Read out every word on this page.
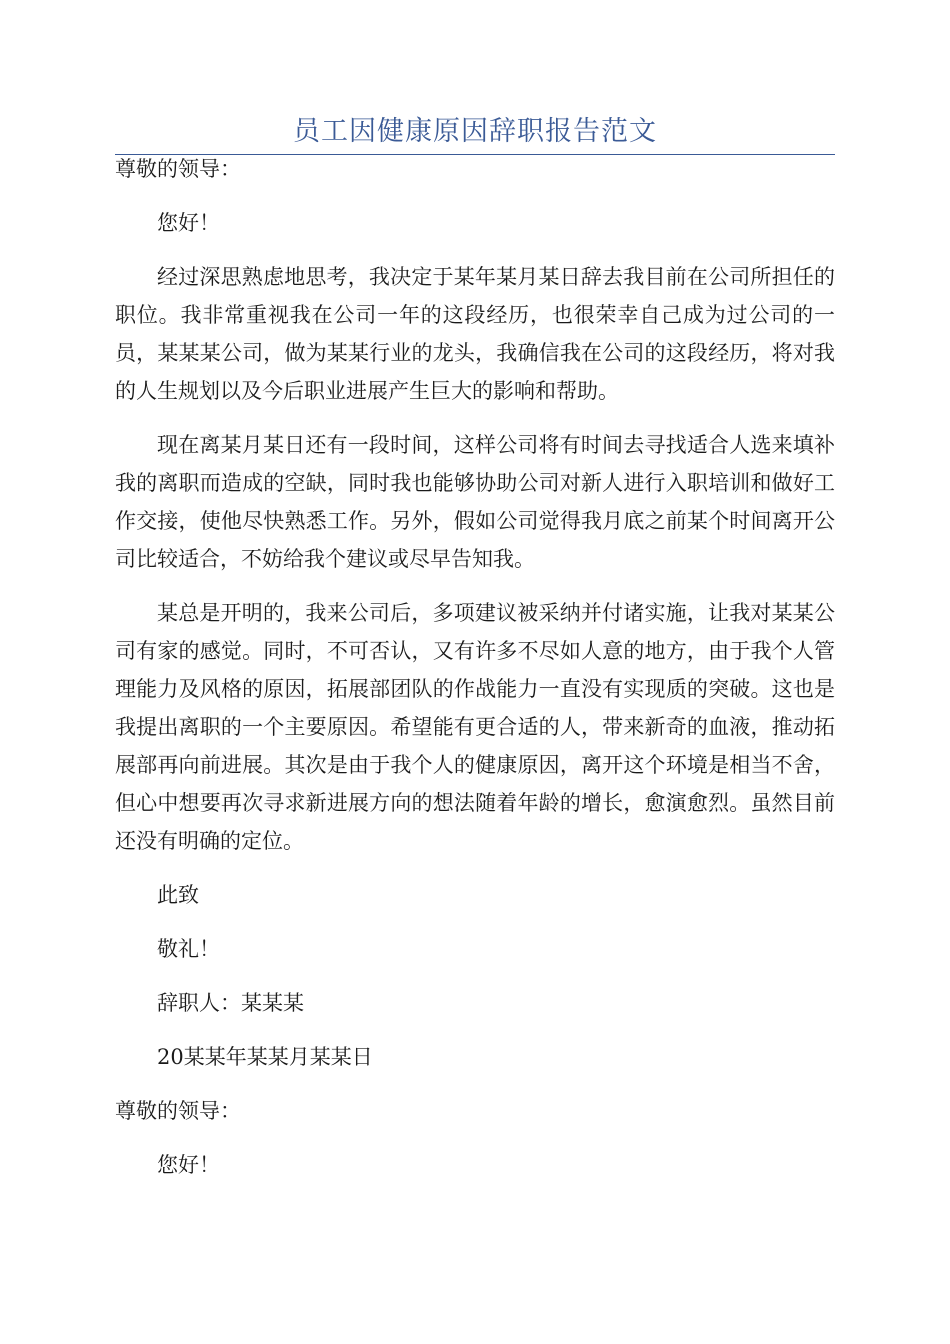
员工因健康原因辞职报告范文

尊敬的领导：

您好！

经过深思熟虑地思考，我决定于某年某月某日辞去我目前在公司所担任的职位。我非常重视我在公司一年的这段经历，也很荣幸自己成为过公司的一员，某某某公司，做为某某行业的龙头，我确信我在公司的这段经历，将对我的人生规划以及今后职业进展产生巨大的影响和帮助。

现在离某月某日还有一段时间，这样公司将有时间去寻找适合人选来填补我的离职而造成的空缺，同时我也能够协助公司对新人进行入职培训和做好工作交接，使他尽快熟悉工作。另外，假如公司觉得我月底之前某个时间离开公司比较适合，不妨给我个建议或尽早告知我。

某总是开明的，我来公司后，多项建议被采纳并付诸实施，让我对某某公司有家的感觉。同时，不可否认，又有许多不尽如人意的地方，由于我个人管理能力及风格的原因，拓展部团队的作战能力一直没有实现质的突破。这也是我提出离职的一个主要原因。希望能有更合适的人，带来新奇的血液，推动拓展部再向前进展。其次是由于我个人的健康原因，离开这个环境是相当不舍，但心中想要再次寻求新进展方向的想法随着年龄的增长，愈演愈烈。虽然目前还没有明确的定位。

此致

敬礼！

辞职人：某某某

20某某年某某月某某日

尊敬的领导：

您好！
